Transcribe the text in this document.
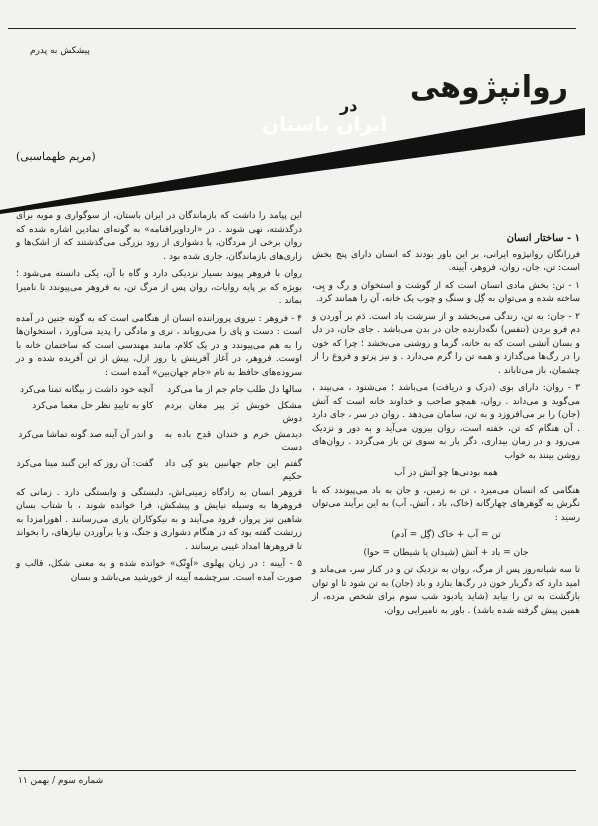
پیشکش به پدرم
روانپژوهی
در
ایران باستان
(مریم طهماسبی)

این پیامد را داشت که بازماندگان در ایران باستان، از سوگواری و مویه برای درگذشته، نهی شوند . در «ارداویرافنامه» به گونه‌ای نمادین اشاره شده که روان برخی از مردگان، با دشواری از رود بزرگی می‌گذشتند که از اشک‌ها و زاری‌های بازماندگان، جاری شده بود .

روان با فروهر پیوند بسیار نزدیکی دارد و گاه با آن، یکی دانسته می‌شود ؛ بویژه که بر پایه روایات، روان پس از مرگ تن، به فروهر می‌پیوندد تا نامیرا بماند .

۴ - فروهر : نیروی پروراننده انسان از هنگامی است که به گونه جنین در آمده است : دست و پای را می‌رویاند ، نری و مادگی را پدید می‌آورد ، استخوان‌ها را به هم می‌پیوندد و در یک کلام، مانند مهندسی است که ساختمان خانه با اوست. فروهر، در آغاز آفرینش یا روز ازل، پیش از تن آفریده شده و در سروده‌های حافظ به نام «جام جهان‌بین» آمده است :

سالها دل طلب جام جم از ما می‌کرد
آنچه خود داشت ز بیگانه تمنا می‌کرد
مشکل خویش بَر پیر مغان بردم دوش
کاو به تاییدِ نظر حل معما می‌کرد
دیدمش خرم و خندان قدح باده به دست
و اندر آن آینه صد گونه تماشا می‌کرد
گفتم این جام جهانبین بتو کِی داد حکیم
گفت: آن روز که این گنبد مینا می‌کرد

فروهر انسان به زادگاه زمینی‌اش، دلبستگی و وابستگی دارد . زمانی که فروهرها به وسیله نیایش و پیشکش، فرا خوانده شوند ، با شتاب بسان شاهین تیز پرواز، فرود می‌آیند و به نیکوکاران یاری می‌رسانند . اهورامزدا به زرتشت گفته بود که در هنگام دشواری و جنگ، و یا برآوردن نیازهای، را بخواند تا فروهرها امداد غیبی برسانند .

۵ - آیینه : در زبان پهلوی «اَوِنْک» خوانده شده و به معنی شکل، قالب و صورت آمده است. سرچشمه آیینه از خورشید می‌باشد و بسان

۱ - ساختار انسان

فرزانگان روانپژوه ایرانی، بر این باور بودند که انسان دارای پنج بخش است: تن، جان، روان، فروهر، آیینه.

۱ - تن: بخش مادی انسان است که از گوشت و استخوان و رگ و پِی، ساخته شده و می‌توان به گِل و سنگ و چوب یک خانه، آن را همانند کرد.

۲ - جان: به تن، زندگی می‌بخشد و از سرشت باد است. دَم بر آوردن و دم فرو بردن (تنفس) نگه‌دارنده جان در بدن می‌باشد . جای جان، در دل و بسان آتشی است که به خانه، گرما و روشنی می‌بخشد ؛ چرا که خون را در رگ‌ها می‌گدازد و همه تن را گرم می‌دارد . و نیز پرتو و فروغ را از چشمان، باز می‌تاباند .

۳ - روان: دارای بوی (درک و دریافت) می‌باشد ؛ می‌شنود ، می‌بیند ، می‌گوید و می‌داند . روان، همچو صاحب و خداوند خانه است که آتش (جان) را بر می‌افروزد و به تن، سامان می‌دهد . روان در سر ، جای دارد . آن هنگام که تن، خفته است، روان بیرون می‌آید و به دور و نزدیک می‌رود و در زمان بیداری، دگر بار به سوی تن باز می‌گردد . روان‌های روشن بینند به خواب

همه بودنی‌ها چو آتش در آب

هنگامی که انسان می‌میرد ، تن به زمین، و جان به باد می‌پیوندد که با نگرش به گوهرهای چهارگانه (خاک، باد ، آتش، آب) به این برآیند می‌توان رسید :

تن = آب + خاک (گِل = آدم)

جان = باد + آتش (شیدان یا شیطان = حوا)

تا سه شبانه‌روز پس از مرگ، روان به نزدیک تن و در کنار سر، می‌ماند و امید دارد که دگربار خون در رگ‌ها بتازد و باد (جان) به تن شود تا او توان بازگشت به تن را بیابد (شاید یادبود شب سوم برای شخص مرده، از همین پیش گرفته شده باشد) . باور به نامیرایی روان،

شماره سوم / بهمن ۱۱
